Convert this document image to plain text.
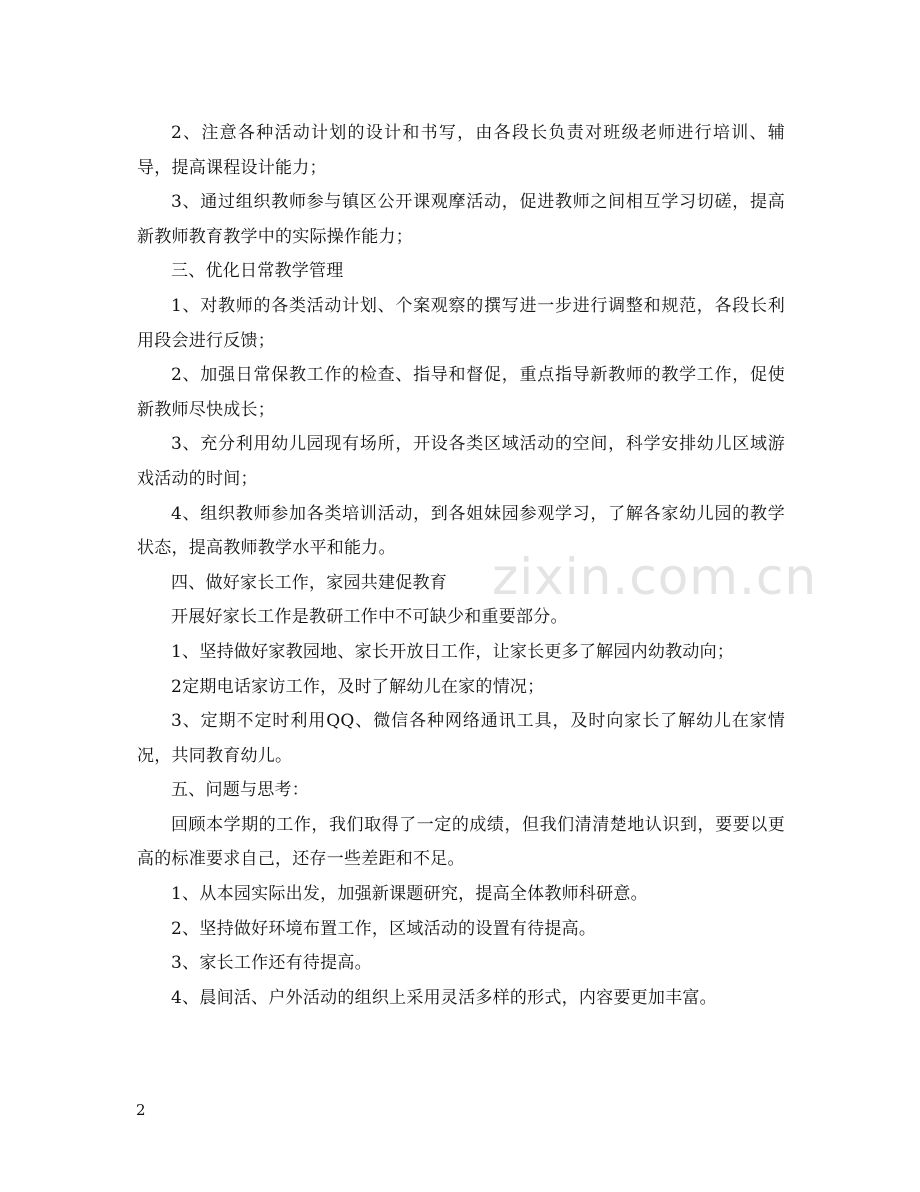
2、注意各种活动计划的设计和书写，由各段长负责对班级老师进行培训、辅导，提高课程设计能力；

3、通过组织教师参与镇区公开课观摩活动，促进教师之间相互学习切磋，提高新教师教育教学中的实际操作能力；

三、优化日常教学管理

1、对教师的各类活动计划、个案观察的撰写进一步进行调整和规范，各段长利用段会进行反馈；

2、加强日常保教工作的检查、指导和督促，重点指导新教师的教学工作，促使新教师尽快成长；

3、充分利用幼儿园现有场所，开设各类区域活动的空间，科学安排幼儿区域游戏活动的时间；

4、组织教师参加各类培训活动，到各姐妹园参观学习，了解各家幼儿园的教学状态，提高教师教学水平和能力。

四、做好家长工作，家园共建促教育

开展好家长工作是教研工作中不可缺少和重要部分。

1、坚持做好家教园地、家长开放日工作，让家长更多了解园内幼教动向；

2定期电话家访工作，及时了解幼儿在家的情况；

3、定期不定时利用QQ、微信各种网络通讯工具，及时向家长了解幼儿在家情况，共同教育幼儿。

五、问题与思考：

回顾本学期的工作，我们取得了一定的成绩，但我们清清楚地认识到，要要以更高的标准要求自己，还存一些差距和不足。

1、从本园实际出发，加强新课题研究，提高全体教师科研意。

2、坚持做好环境布置工作，区域活动的设置有待提高。

3、家长工作还有待提高。

4、晨间活、户外活动的组织上采用灵活多样的形式，内容要更加丰富。

zixin.com.cn
2
